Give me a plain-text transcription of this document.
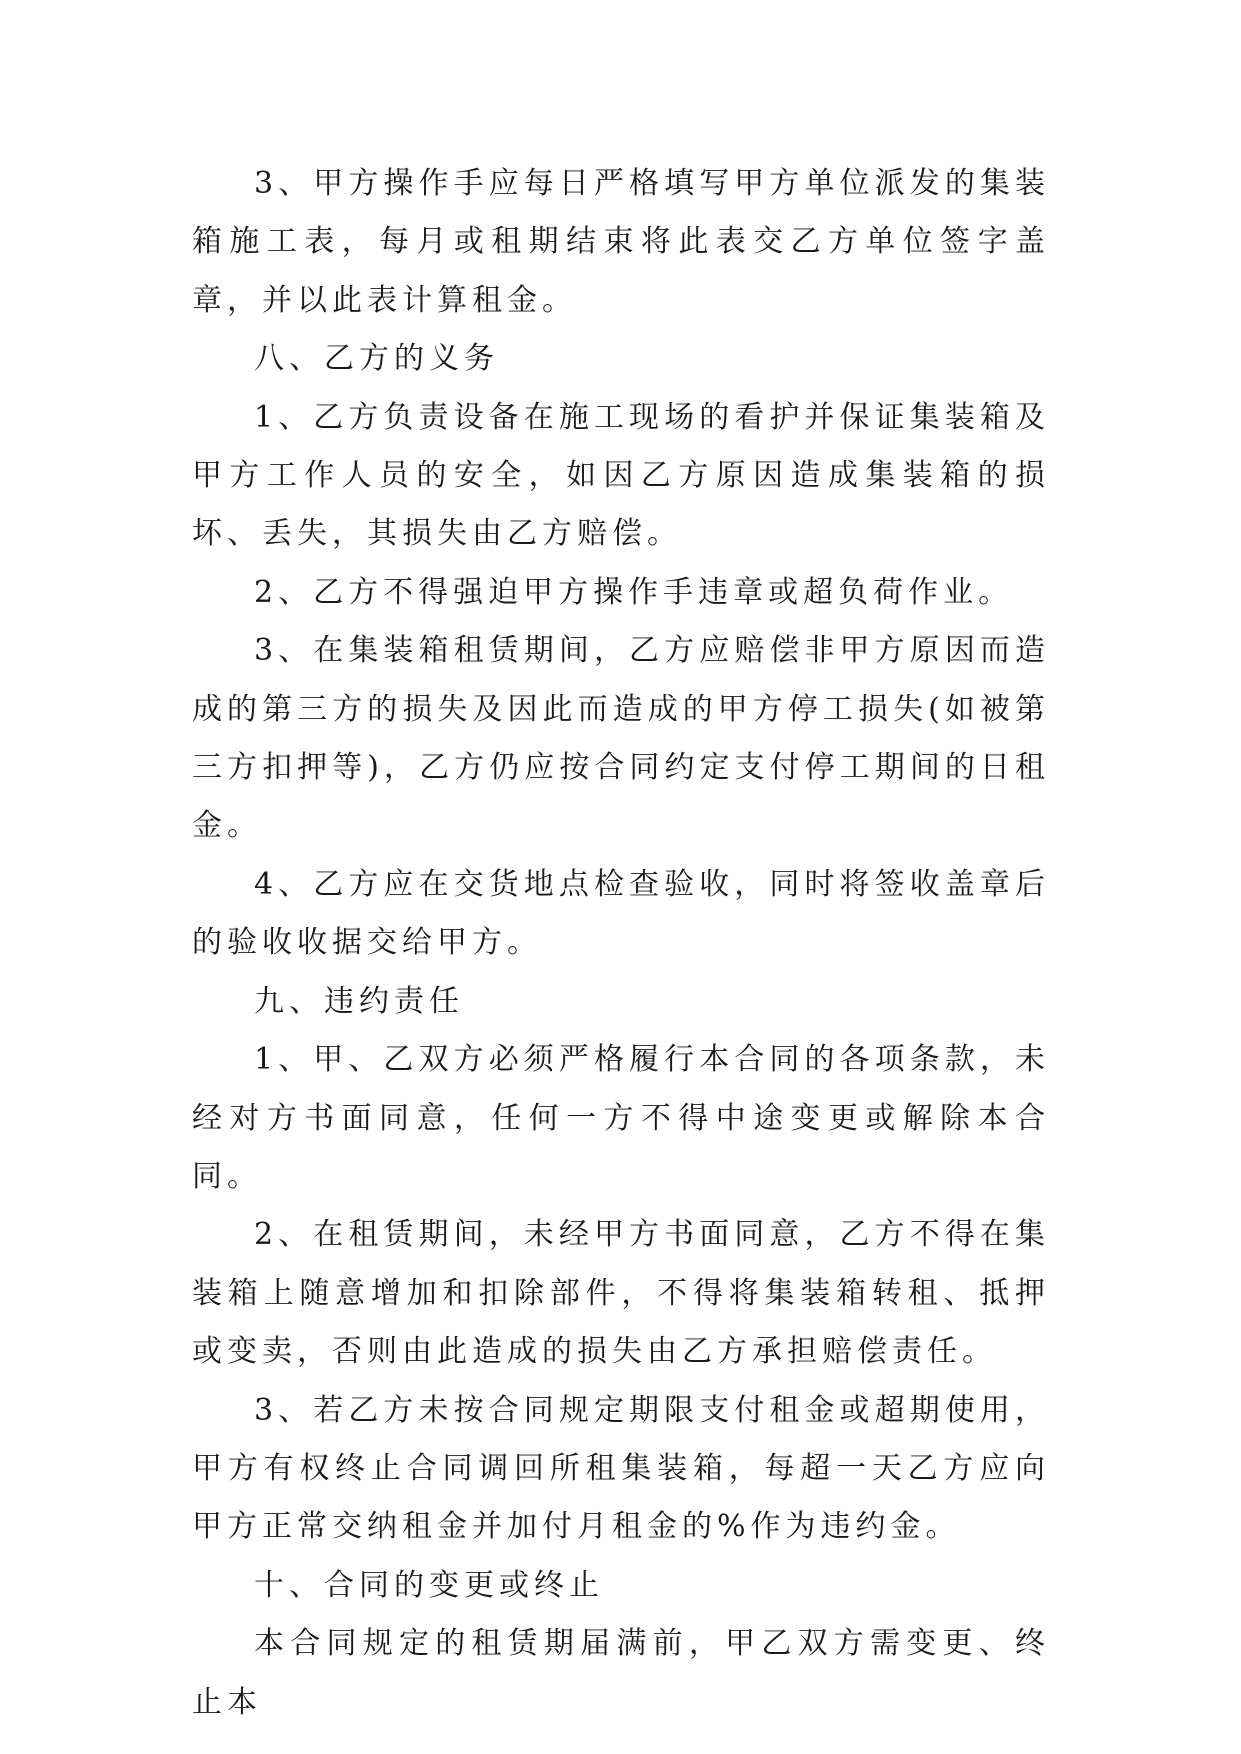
3、甲方操作手应每日严格填写甲方单位派发的集装箱施工表，每月或租期结束将此表交乙方单位签字盖章，并以此表计算租金。

八、乙方的义务

1、乙方负责设备在施工现场的看护并保证集装箱及甲方工作人员的安全，如因乙方原因造成集装箱的损坏、丢失，其损失由乙方赔偿。

2、乙方不得强迫甲方操作手违章或超负荷作业。

3、在集装箱租赁期间，乙方应赔偿非甲方原因而造成的第三方的损失及因此而造成的甲方停工损失(如被第三方扣押等)，乙方仍应按合同约定支付停工期间的日租金。

4、乙方应在交货地点检查验收，同时将签收盖章后的验收收据交给甲方。

九、违约责任

1、甲、乙双方必须严格履行本合同的各项条款，未经对方书面同意，任何一方不得中途变更或解除本合同。

2、在租赁期间，未经甲方书面同意，乙方不得在集装箱上随意增加和扣除部件，不得将集装箱转租、抵押或变卖，否则由此造成的损失由乙方承担赔偿责任。

3、若乙方未按合同规定期限支付租金或超期使用，甲方有权终止合同调回所租集装箱，每超一天乙方应向甲方正常交纳租金并加付月租金的%作为违约金。

十、合同的变更或终止

本合同规定的租赁期届满前，甲乙双方需变更、终止本
